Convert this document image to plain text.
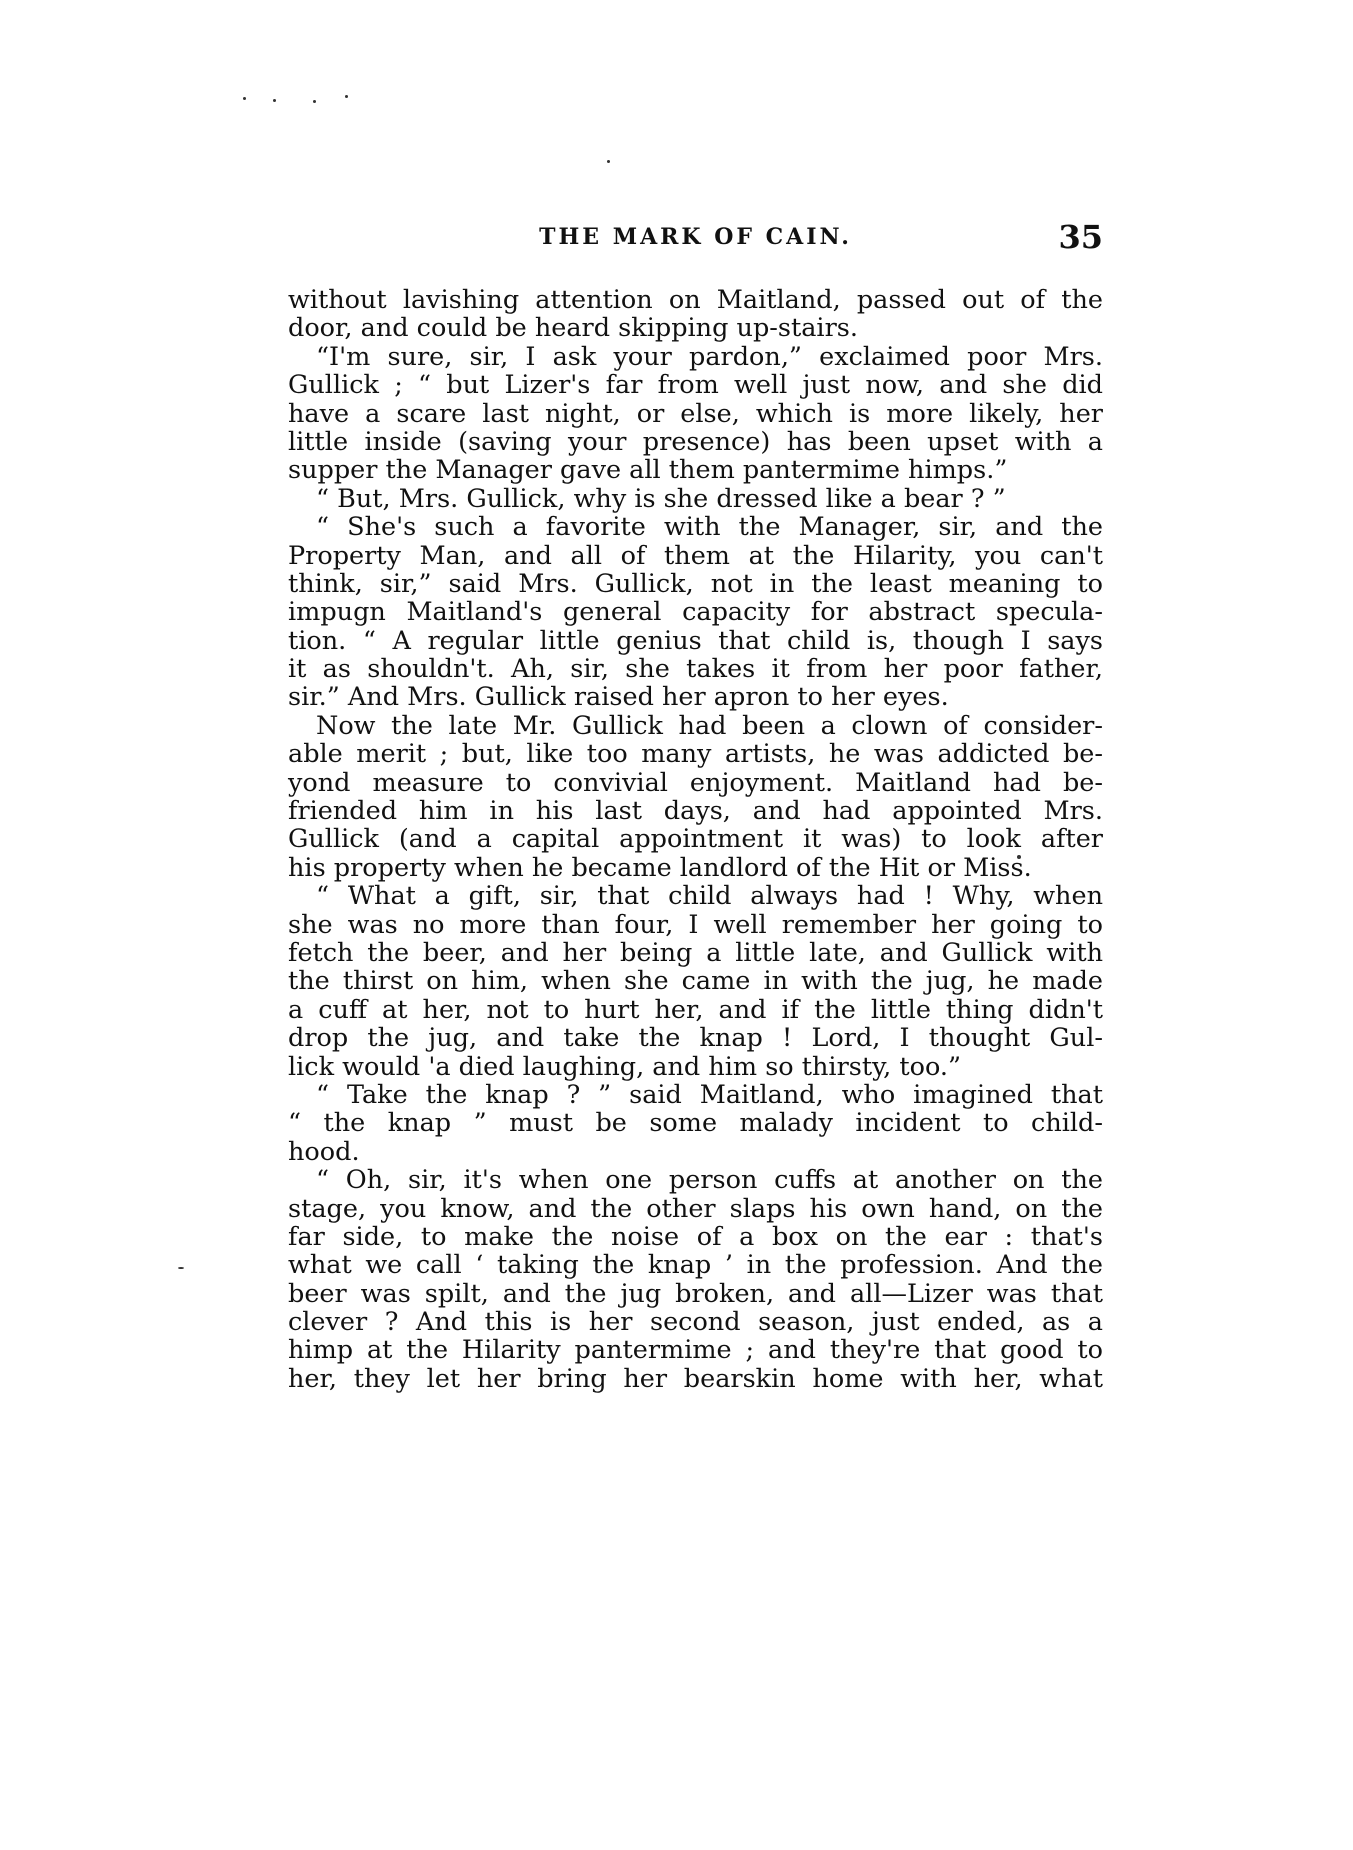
THE MARK OF CAIN.	35
without lavishing attention on Maitland, passed out of the
door, and could be heard skipping up-stairs.
“I'm sure, sir, I ask your pardon,” exclaimed poor Mrs.
Gullick ; “ but Lizer's far from well just now, and she did
have a scare last night, or else, which is more likely, her
little inside (saving your presence) has been upset with a
supper the Manager gave all them pantermime himps.”
“ But, Mrs. Gullick, why is she dressed like a bear ? ”
“ She's such a favorite with the Manager, sir, and the
Property Man, and all of them at the Hilarity, you can't
think, sir,” said Mrs. Gullick, not in the least meaning to
impugn Maitland's general capacity for abstract specula-
tion. “ A regular little genius that child is, though I says
it as shouldn't. Ah, sir, she takes it from her poor father,
sir.” And Mrs. Gullick raised her apron to her eyes.
Now the late Mr. Gullick had been a clown of consider-
able merit ; but, like too many artists, he was addicted be-
yond measure to convivial enjoyment. Maitland had be-
friended him in his last days, and had appointed Mrs.
Gullick (and a capital appointment it was) to look after
his property when he became landlord of the Hit or Miss.
“ What a gift, sir, that child always had ! Why, when
she was no more than four, I well remember her going to
fetch the beer, and her being a little late, and Gullick with
the thirst on him, when she came in with the jug, he made
a cuff at her, not to hurt her, and if the little thing didn't
drop the jug, and take the knap ! Lord, I thought Gul-
lick would 'a died laughing, and him so thirsty, too.”
“ Take the knap ? ” said Maitland, who imagined that
“ the knap ” must be some malady incident to child-
hood.
“ Oh, sir, it's when one person cuffs at another on the
stage, you know, and the other slaps his own hand, on the
far side, to make the noise of a box on the ear : that's
what we call ‘ taking the knap ’ in the profession. And the
beer was spilt, and the jug broken, and all—Lizer was that
clever ? And this is her second season, just ended, as a
himp at the Hilarity pantermime ; and they're that good to
her, they let her bring her bearskin home with her, what
